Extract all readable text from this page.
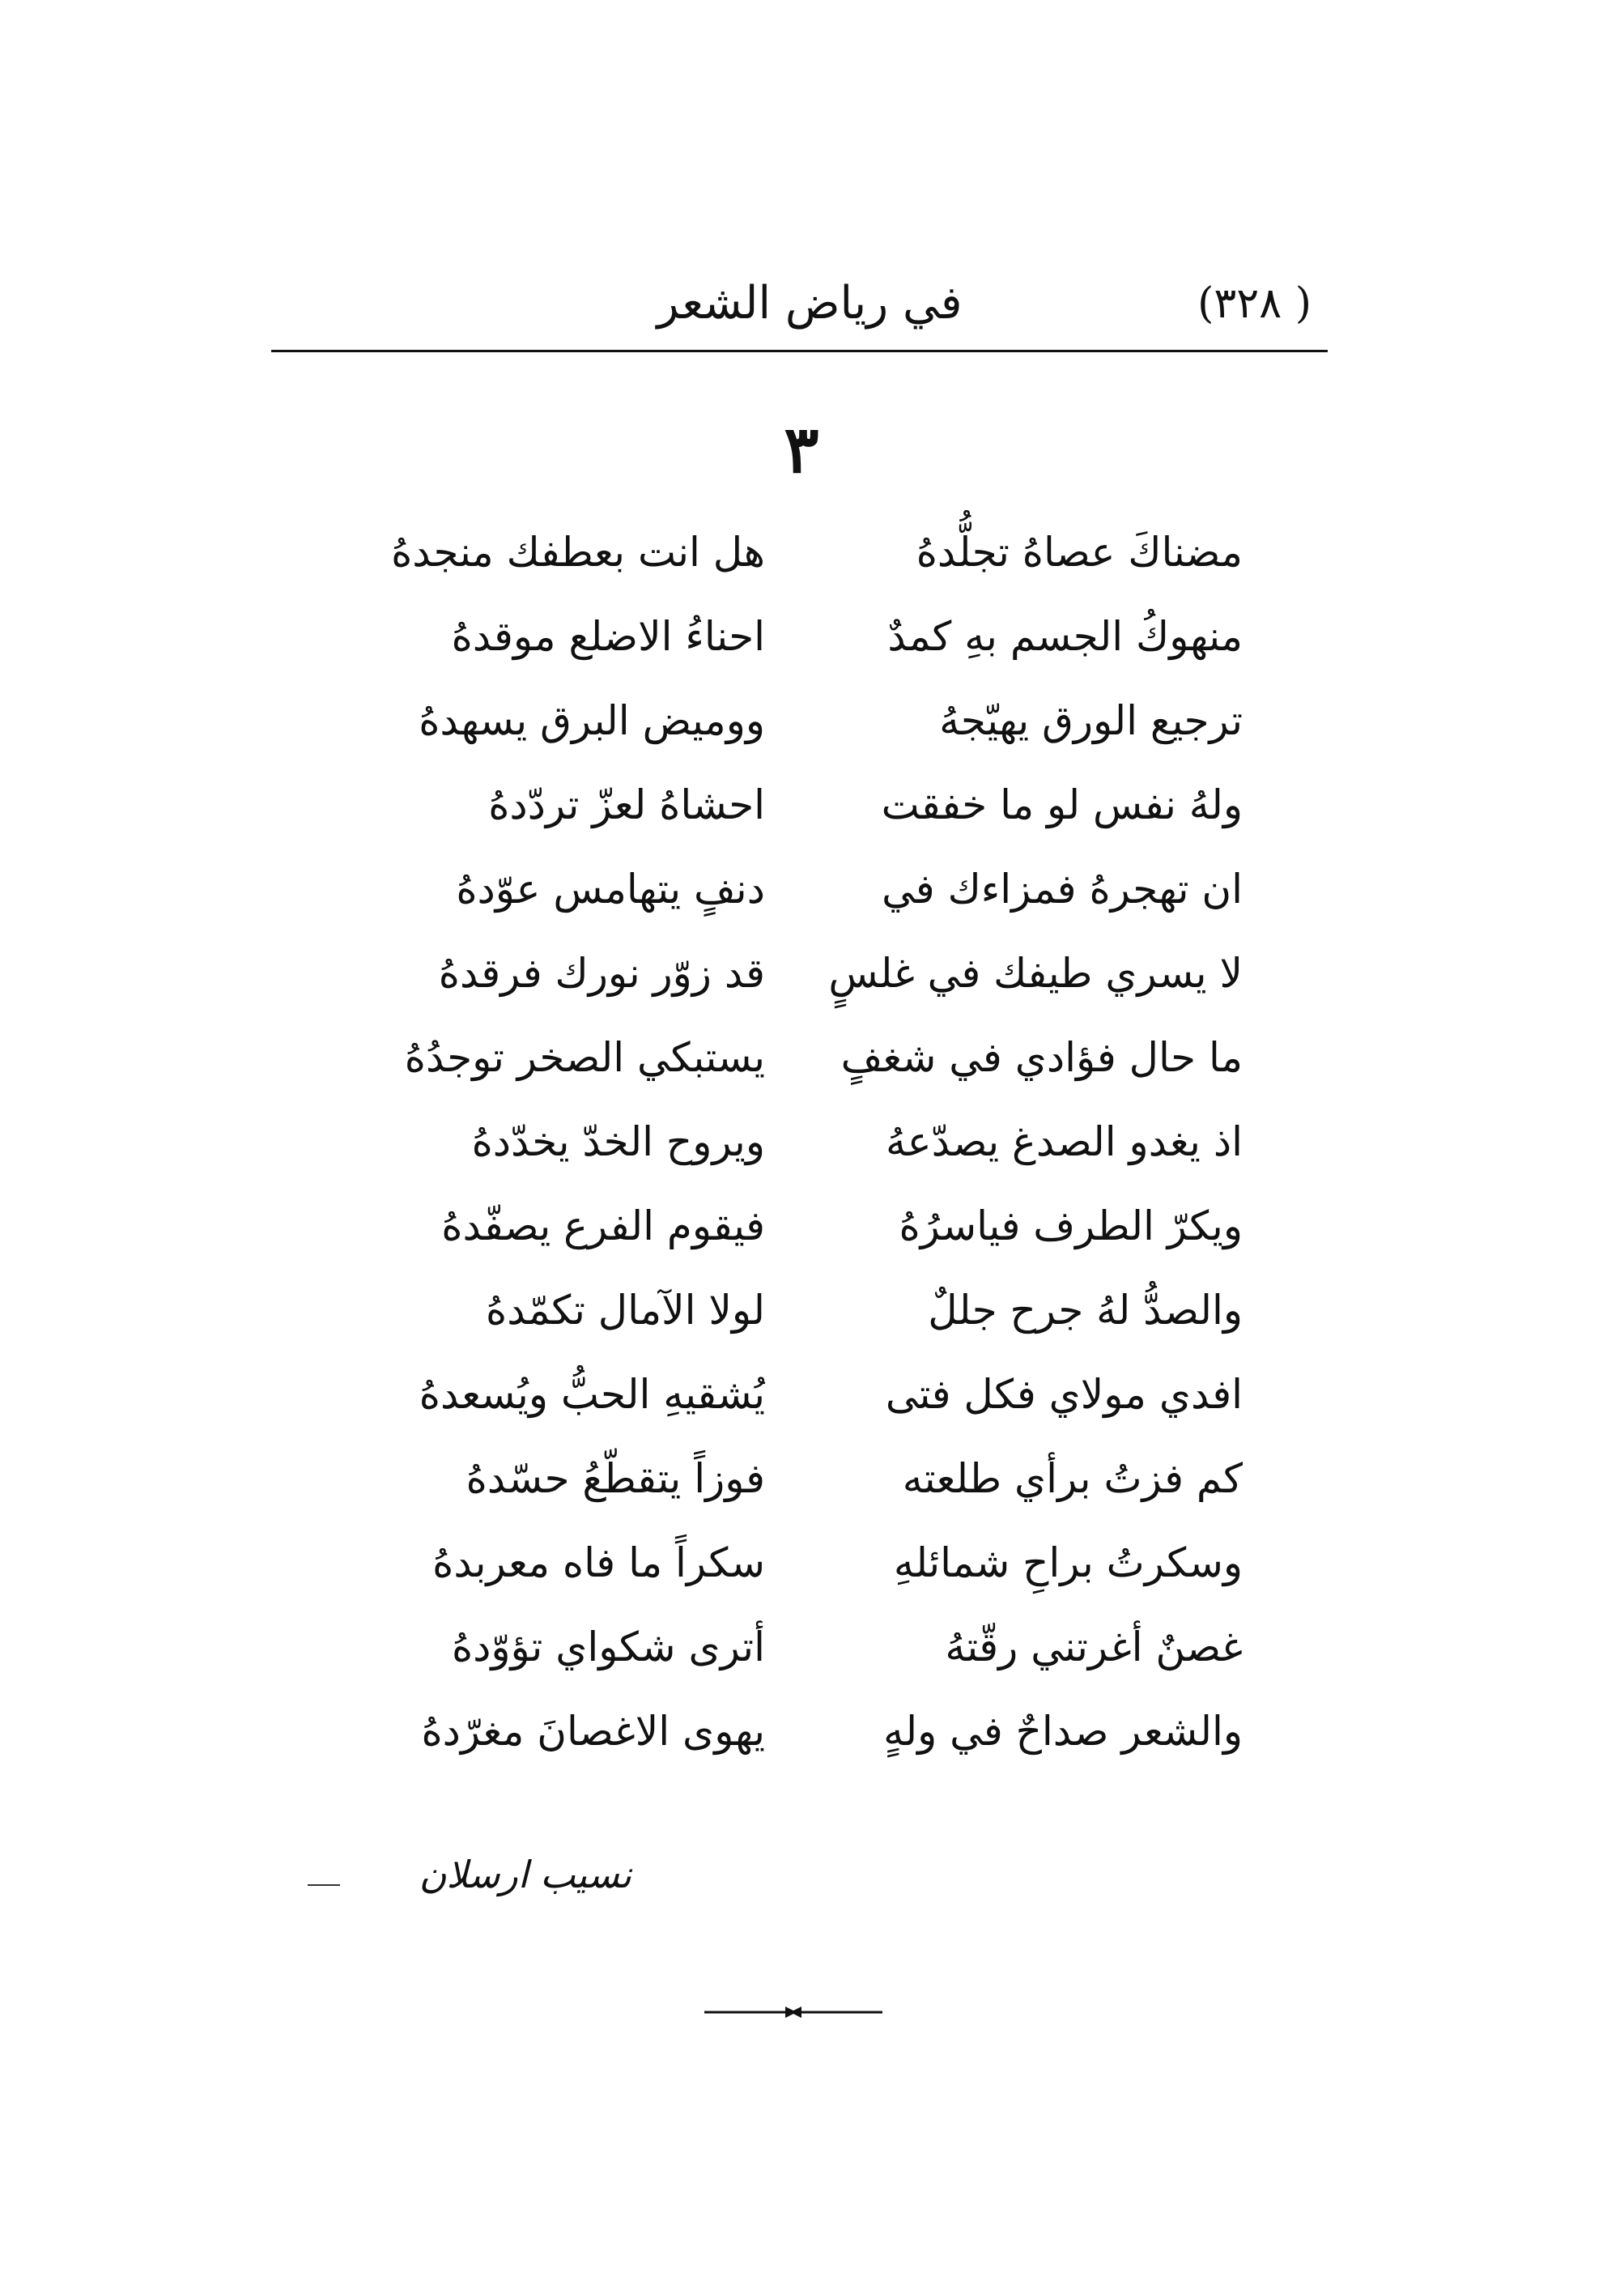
( ٣٢٨)
في رياض الشعر
٣
مضناكَ عصاهُ تجلُّدهُ
هل انت بعطفك منجدهُ
منهوكُ الجسم بهِ كمدٌ
احناءُ الاضلع موقدهُ
ترجيع الورق يهيّجهُ
ووميض البرق يسهدهُ
ولهُ نفس لو ما خفقت
احشاهُ لعزّ تردّدهُ
ان تهجرهُ فمزاءك في
دنفٍ يتهامس عوّدهُ
لا يسري طيفك في غلسٍ
قد زوّر نورك فرقدهُ
ما حال فؤادي في شغفٍ
يستبكي الصخر توجدُهُ
اذ يغدو الصدغ يصدّعهُ
ويروح الخدّ يخدّدهُ
ويكرّ الطرف فياسرُهُ
فيقوم الفرع يصفّدهُ
والصدُّ لهُ جرح جللٌ
لولا الآمال تكمّدهُ
افدي مولاي فكل فتى
يُشقيهِ الحبُّ ويُسعدهُ
كم فزتُ برأي طلعته
فوزاً يتقطّعُ حسّدهُ
وسكرتُ براحِ شمائلهِ
سكراً ما فاه معربدهُ
غصنٌ أغرتني رقّتهُ
أترى شكواي تؤوّدهُ
والشعر صداحٌ في ولهٍ
يهوى الاغصانَ مغرّدهُ
نسيب ارسلان
